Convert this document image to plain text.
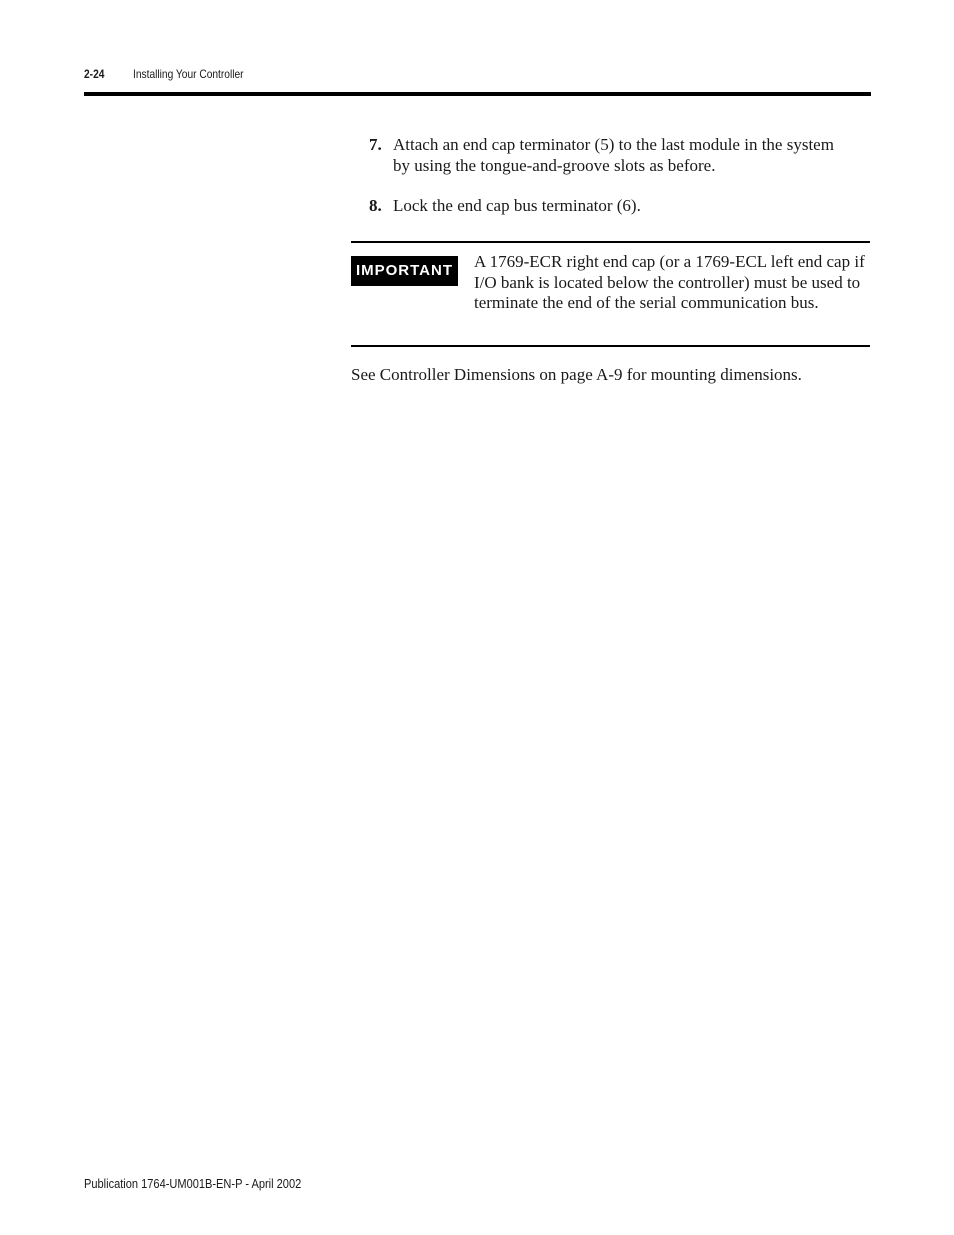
2-24 Installing Your Controller
7. Attach an end cap terminator (5) to the last module in the system by using the tongue-and-groove slots as before.
8. Lock the end cap bus terminator (6).
IMPORTANT A 1769-ECR right end cap (or a 1769-ECL left end cap if I/O bank is located below the controller) must be used to terminate the end of the serial communication bus.
See Controller Dimensions on page A-9 for mounting dimensions.
Publication 1764-UM001B-EN-P - April 2002
